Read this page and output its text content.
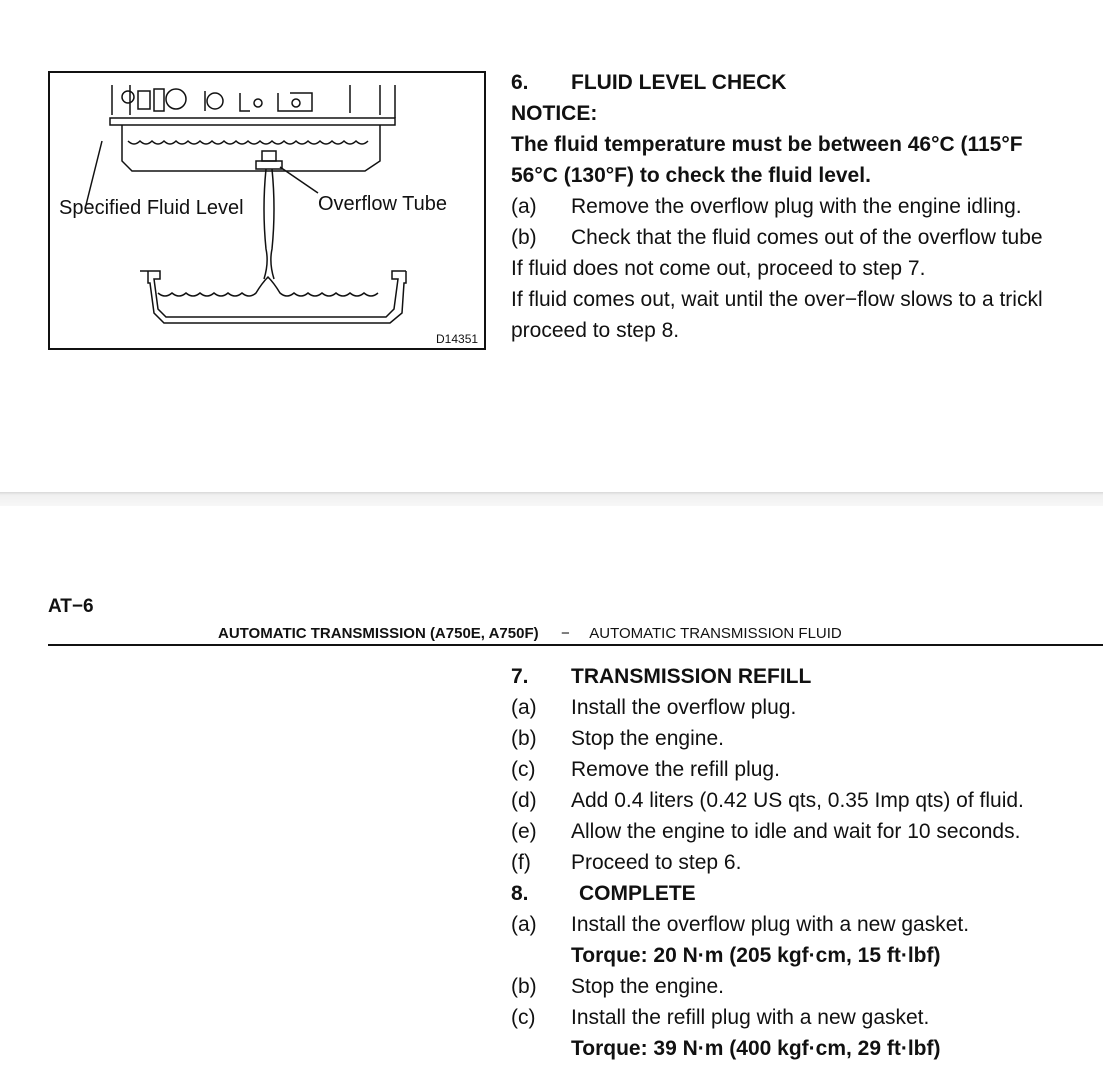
Specified Fluid Level	Overflow Tube
D14351
6. FLUID LEVEL CHECK
NOTICE:
The fluid temperature must be between 46°C (115°F
56°C (130°F) to check the fluid level.
(a) Remove the overflow plug with the engine idling.
(b) Check that the fluid comes out of the overflow tube
If fluid does not come out, proceed to step 7.
If fluid comes out, wait until the over−flow slows to a trickl
proceed to step 8.
AT−6
AUTOMATIC TRANSMISSION (A750E, A750F) − AUTOMATIC TRANSMISSION FLUID
7. TRANSMISSION REFILL
(a) Install the overflow plug.
(b) Stop the engine.
(c) Remove the refill plug.
(d) Add 0.4 liters (0.42 US qts, 0.35 Imp qts) of fluid.
(e) Allow the engine to idle and wait for 10 seconds.
(f) Proceed to step 6.
8. COMPLETE
(a) Install the overflow plug with a new gasket.
Torque: 20 N·m (205 kgf·cm, 15 ft·lbf)
(b) Stop the engine.
(c) Install the refill plug with a new gasket.
Torque: 39 N·m (400 kgf·cm, 29 ft·lbf)
